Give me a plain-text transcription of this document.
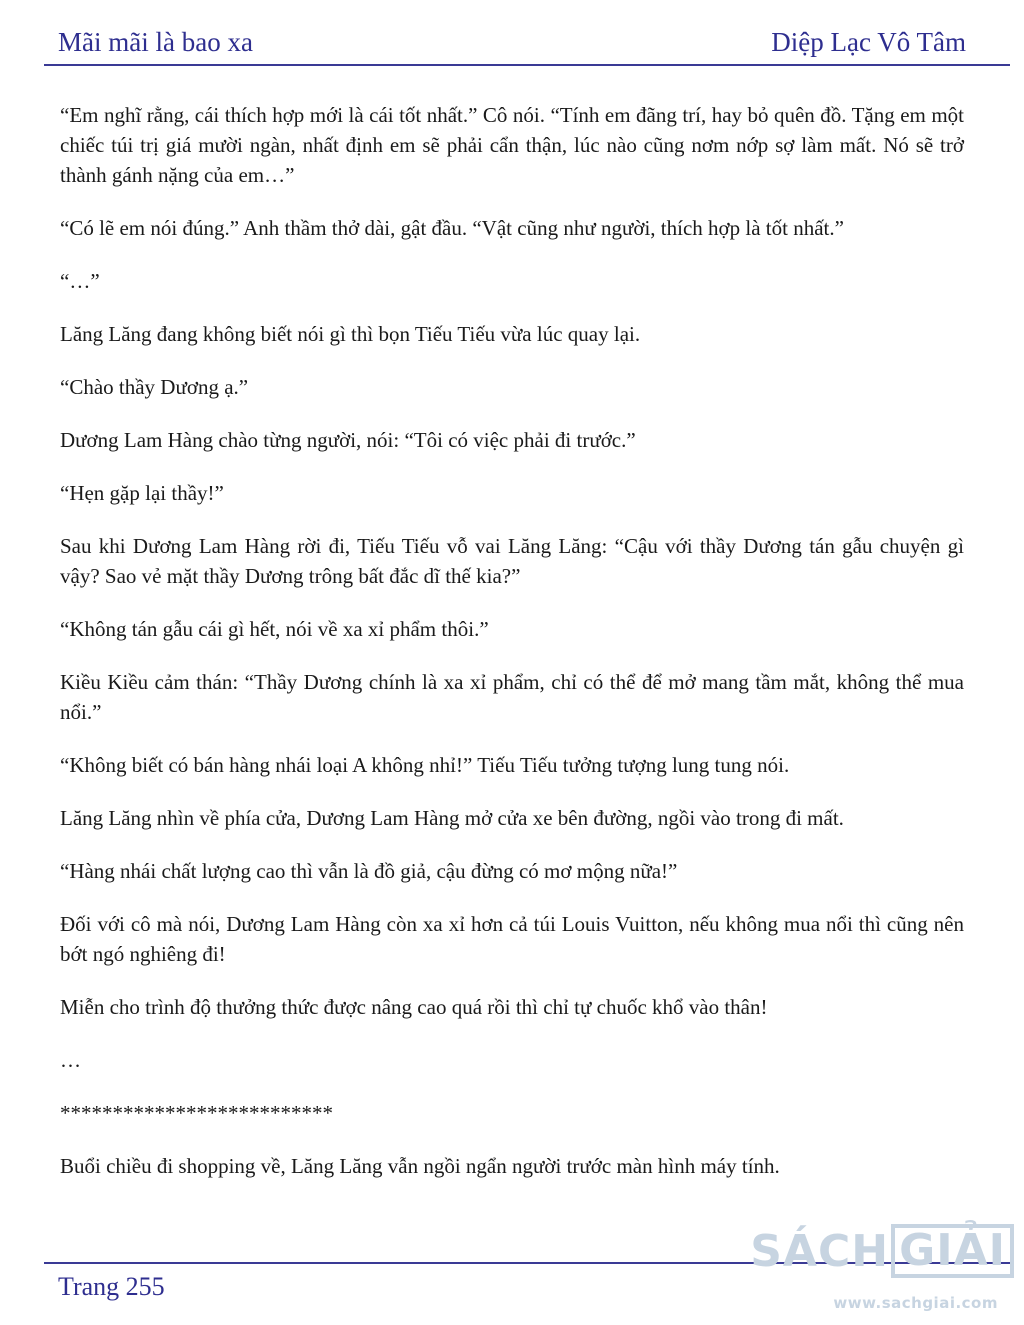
Mãi mãi là bao xa	Diệp Lạc Vô Tâm

“Em nghĩ rằng, cái thích hợp mới là cái tốt nhất.” Cô nói. “Tính em đãng trí, hay bỏ quên đồ. Tặng em một chiếc túi trị giá mười ngàn, nhất định em sẽ phải cẩn thận, lúc nào cũng nơm nớp sợ làm mất. Nó sẽ trở thành gánh nặng của em…”

“Có lẽ em nói đúng.” Anh thầm thở dài, gật đầu. “Vật cũng như người, thích hợp là tốt nhất.”

“…”

Lăng Lăng đang không biết nói gì thì bọn Tiếu Tiếu vừa lúc quay lại.

“Chào thầy Dương ạ.”

Dương Lam Hàng chào từng người, nói: “Tôi có việc phải đi trước.”

“Hẹn gặp lại thầy!”

Sau khi Dương Lam Hàng rời đi, Tiếu Tiếu vỗ vai Lăng Lăng: “Cậu với thầy Dương tán gẫu chuyện gì vậy? Sao vẻ mặt thầy Dương trông bất đắc dĩ thế kia?”

“Không tán gẫu cái gì hết, nói về xa xỉ phẩm thôi.”

Kiều Kiều cảm thán: “Thầy Dương chính là xa xỉ phẩm, chỉ có thể để mở mang tầm mắt, không thể mua nổi.”

“Không biết có bán hàng nhái loại A không nhỉ!” Tiếu Tiếu tưởng tượng lung tung nói.

Lăng Lăng nhìn về phía cửa, Dương Lam Hàng mở cửa xe bên đường, ngồi vào trong đi mất.

“Hàng nhái chất lượng cao thì vẫn là đồ giả, cậu đừng có mơ mộng nữa!”

Đối với cô mà nói, Dương Lam Hàng còn xa xỉ hơn cả túi Louis Vuitton, nếu không mua nổi thì cũng nên bớt ngó nghiêng đi!

Miễn cho trình độ thưởng thức được nâng cao quá rồi thì chỉ tự chuốc khổ vào thân!

…

**************************

Buổi chiều đi shopping về, Lăng Lăng vẫn ngồi ngẩn người trước màn hình máy tính.

Trang 255
SÁCH GIẢI
www.sachgiai.com
